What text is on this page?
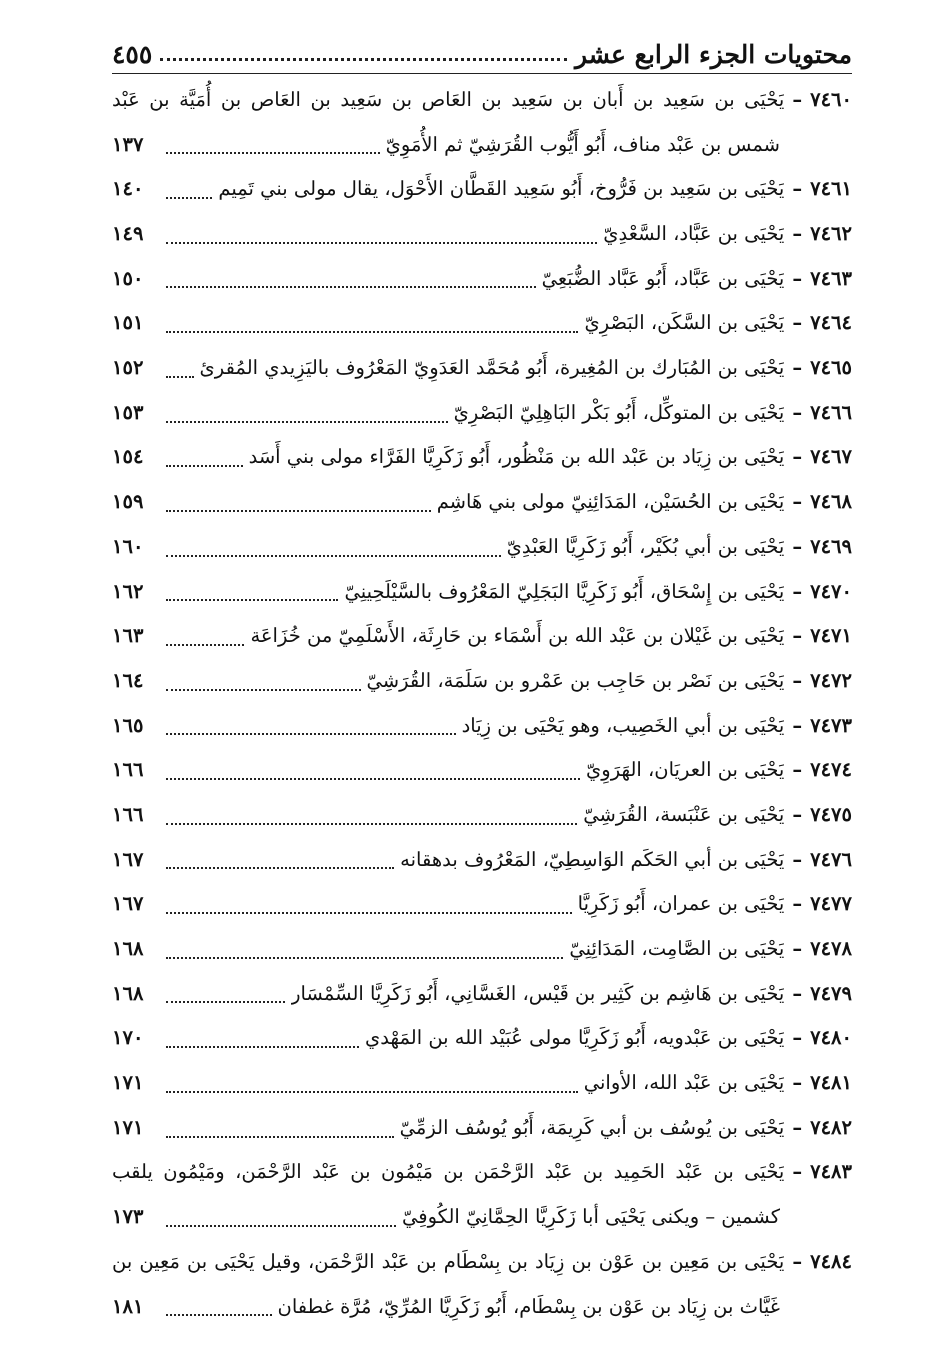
محتويات الجزء الرابع عشر
٤٥٥
٧٤٦٠
–
يَحْيَى بن سَعِيد بن أَبان بن سَعِيد بن العَاص بن سَعِيد بن العَاص بن أُمَيَّة بن عَبْد
شمس بن عَبْد مناف، أَبُو أَيُّوب القُرَشِيّ ثم الأُمَوِيّ
١٣٧
٧٤٦١
–
يَحْيَى بن سَعِيد بن فَرُّوخ، أَبُو سَعِيد القَطَّان الأَحْوَل، يقال مولى بني تَمِيم
١٤٠
٧٤٦٢
–
يَحْيَى بن عَبَّاد، السَّعْدِيّ
١٤٩
٧٤٦٣
–
يَحْيَى بن عَبَّاد، أَبُو عَبَّاد الضُّبَعِيّ
١٥٠
٧٤٦٤
–
يَحْيَى بن السَّكَن، البَصْرِيّ
١٥١
٧٤٦٥
–
يَحْيَى بن المُبَارك بن المُغِيرة، أَبُو مُحَمَّد العَدَوِيّ المَعْرُوف باليَزِيدي المُقرئ
١٥٢
٧٤٦٦
–
يَحْيَى بن المتوكِّل، أَبُو بَكْر البَاهِلِيّ البَصْرِيّ
١٥٣
٧٤٦٧
–
يَحْيَى بن زِيَاد بن عَبْد الله بن مَنْظُور، أَبُو زَكَرِيَّا الفَرَّاء مولى بني أَسَد
١٥٤
٧٤٦٨
–
يَحْيَى بن الحُسَيْن، المَدَائِنِيّ مولى بني هَاشِم
١٥٩
٧٤٦٩
–
يَحْيَى بن أبي بُكَيْر، أَبُو زَكَرِيَّا العَبْدِيّ
١٦٠
٧٤٧٠
–
يَحْيَى بن إِسْحَاق، أَبُو زَكَرِيَّا البَجَلِيّ المَعْرُوف بالسَّيْلَحِينِيّ
١٦٢
٧٤٧١
–
يَحْيَى بن غَيْلان بن عَبْد الله بن أَسْمَاء بن حَارِثَة، الأَسْلَمِيّ من خُزَاعَة
١٦٣
٧٤٧٢
–
يَحْيَى بن نَصْر بن حَاجِب بن عَمْرو بن سَلَمَة، القُرَشِيّ
١٦٤
٧٤٧٣
–
يَحْيَى بن أبي الخَصِيب، وهو يَحْيَى بن زِيَاد
١٦٥
٧٤٧٤
–
يَحْيَى بن العريَان، الهَرَوِيّ
١٦٦
٧٤٧٥
–
يَحْيَى بن عَنْبَسة، القُرَشِيّ
١٦٦
٧٤٧٦
–
يَحْيَى بن أبي الحَكَم الوَاسِطِيّ، المَعْرُوف بدهقانه
١٦٧
٧٤٧٧
–
يَحْيَى بن عمران، أَبُو زَكَرِيَّا
١٦٧
٧٤٧٨
–
يَحْيَى بن الصَّامِت، المَدَائِنِيّ
١٦٨
٧٤٧٩
–
يَحْيَى بن هَاشِم بن كَثِير بن قَيْس، الغَسَّانِي، أَبُو زَكَرِيَّا السِّمْسَار
١٦٨
٧٤٨٠
–
يَحْيَى بن عَبْدويه، أَبُو زَكَرِيَّا مولى عُبَيْد الله بن المَهْدي
١٧٠
٧٤٨١
–
يَحْيَى بن عَبْد الله، الأواني
١٧١
٧٤٨٢
–
يَحْيَى بن يُوسُف بن أبي كَرِيمَة، أَبُو يُوسُف الزمِّيّ
١٧١
٧٤٨٣
–
يَحْيَى بن عَبْد الحَمِيد بن عَبْد الرَّحْمَن بن مَيْمُون بن عَبْد الرَّحْمَن، ومَيْمُون يلقب
كشمين – ويكنى يَحْيَى أبا زَكَرِيَّا الحِمَّانِيّ الكُوفِيّ
١٧٣
٧٤٨٤
–
يَحْيَى بن مَعِين بن عَوْن بن زِيَاد بن بِسْطَام بن عَبْد الرَّحْمَن، وقيل يَحْيَى بن مَعِين بن
غَيَّاث بن زِيَاد بن عَوْن بن بِسْطَام، أَبُو زَكَرِيَّا المُرِّيّ، مُرَّة غطفان
١٨١
